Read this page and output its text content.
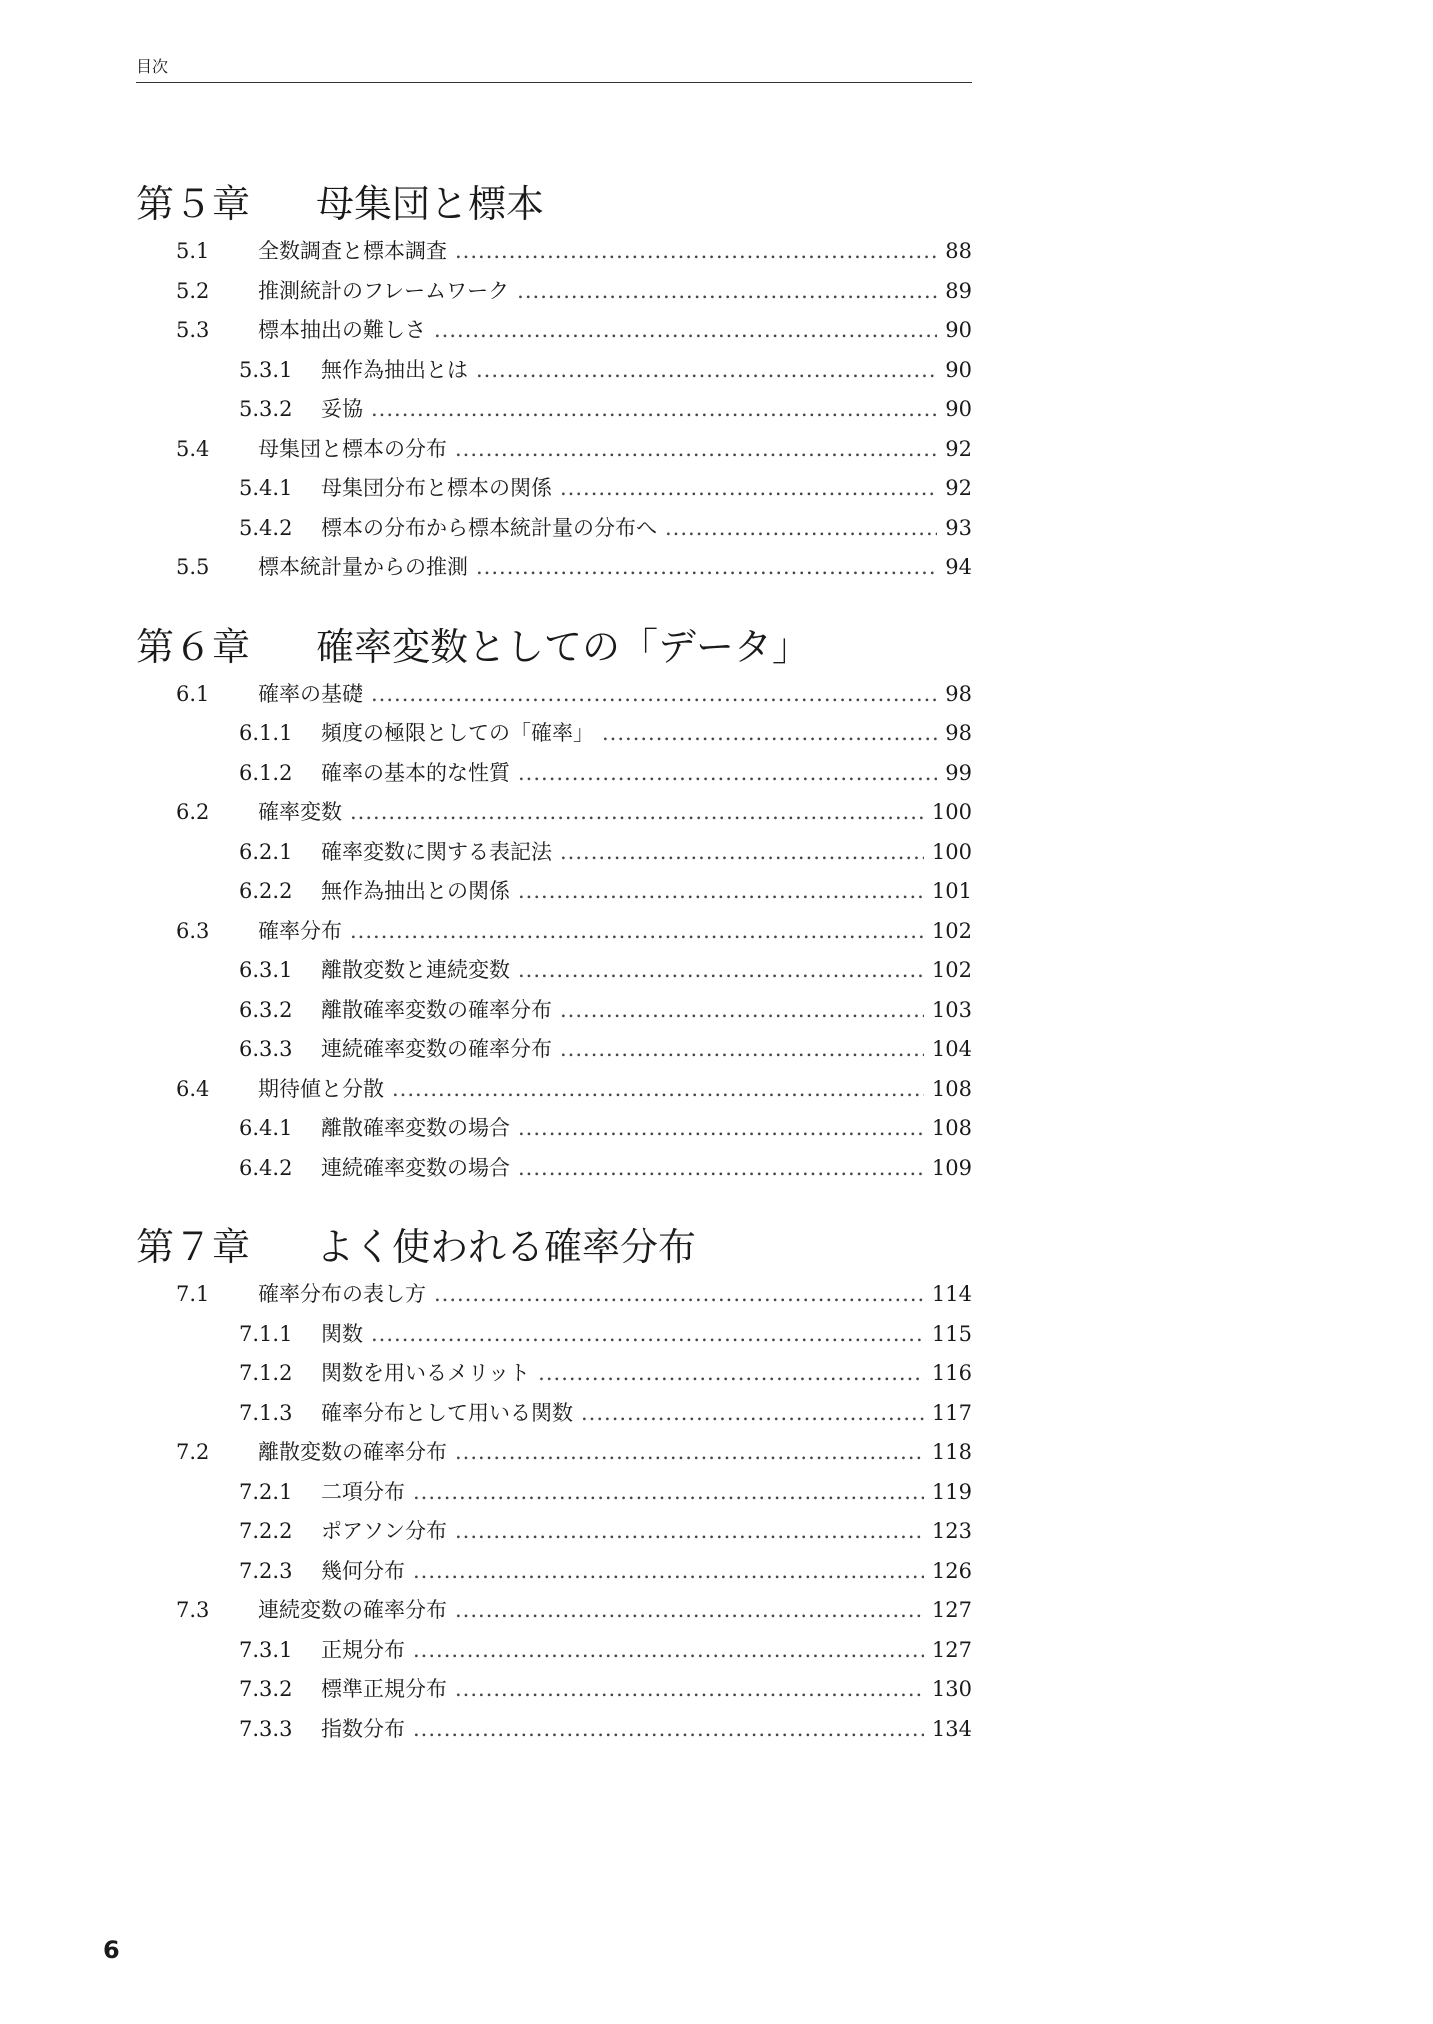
目次
第５章 母集団と標本
5.1	全数調査と標本調査 .....	88
5.2	推測統計のフレームワーク .....	89
5.3	標本抽出の難しさ .....	90
5.3.1	無作為抽出とは .....	90
5.3.2	妥協 .....	90
5.4	母集団と標本の分布 .....	92
5.4.1	母集団分布と標本の関係 .....	92
5.4.2	標本の分布から標本統計量の分布へ .....	93
5.5	標本統計量からの推測 .....	94
第６章 確率変数としての「データ」
6.1	確率の基礎 .....	98
6.1.1	頻度の極限としての「確率」 .....	98
6.1.2	確率の基本的な性質 .....	99
6.2	確率変数 .....	100
6.2.1	確率変数に関する表記法 .....	100
6.2.2	無作為抽出との関係 .....	101
6.3	確率分布 .....	102
6.3.1	離散変数と連続変数 .....	102
6.3.2	離散確率変数の確率分布 .....	103
6.3.3	連続確率変数の確率分布 .....	104
6.4	期待値と分散 .....	108
6.4.1	離散確率変数の場合 .....	108
6.4.2	連続確率変数の場合 .....	109
第７章 よく使われる確率分布
7.1	確率分布の表し方 .....	114
7.1.1	関数 .....	115
7.1.2	関数を用いるメリット .....	116
7.1.3	確率分布として用いる関数 .....	117
7.2	離散変数の確率分布 .....	118
7.2.1	二項分布 .....	119
7.2.2	ポアソン分布 .....	123
7.2.3	幾何分布 .....	126
7.3	連続変数の確率分布 .....	127
7.3.1	正規分布 .....	127
7.3.2	標準正規分布 .....	130
7.3.3	指数分布 .....	134
6
